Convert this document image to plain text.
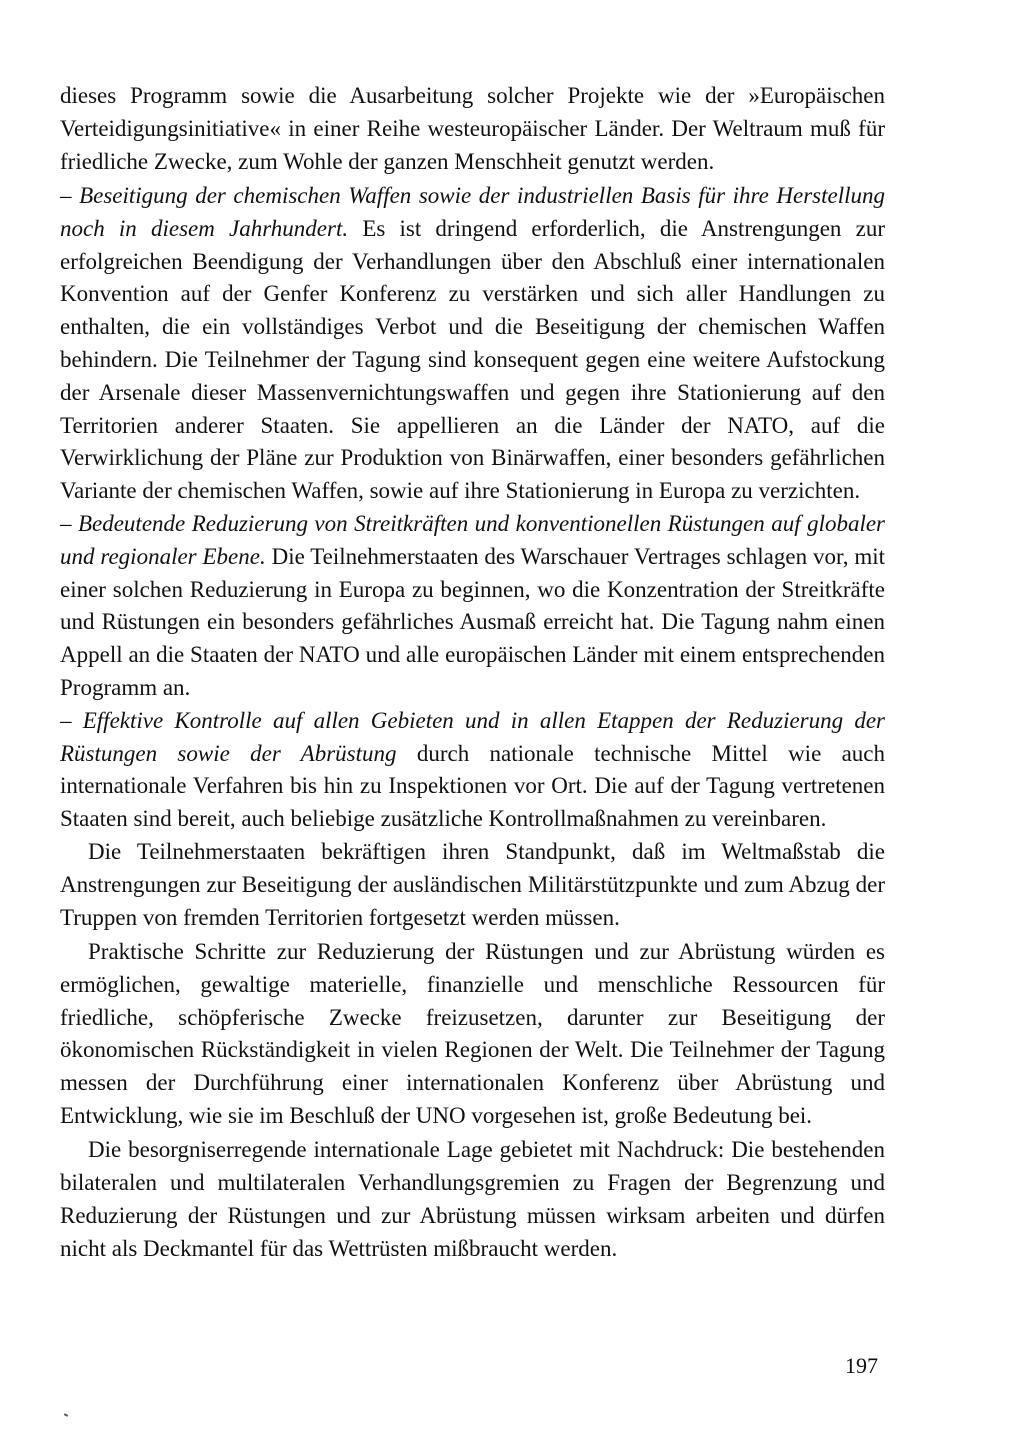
dieses Programm sowie die Ausarbeitung solcher Projekte wie der »Europäischen Verteidigungsinitiative« in einer Reihe westeuropäischer Länder. Der Weltraum muß für friedliche Zwecke, zum Wohle der ganzen Menschheit genutzt werden.

– Beseitigung der chemischen Waffen sowie der industriellen Basis für ihre Herstellung noch in diesem Jahrhundert. Es ist dringend erforderlich, die Anstrengungen zur erfolgreichen Beendigung der Verhandlungen über den Abschluß einer internationalen Konvention auf der Genfer Konferenz zu verstärken und sich aller Handlungen zu enthalten, die ein vollständiges Verbot und die Beseitigung der chemischen Waffen behindern. Die Teilnehmer der Tagung sind konsequent gegen eine weitere Aufstockung der Arsenale dieser Massenvernichtungswaffen und gegen ihre Stationierung auf den Territorien anderer Staaten. Sie appellieren an die Länder der NATO, auf die Verwirklichung der Pläne zur Produktion von Binärwaffen, einer besonders gefährlichen Variante der chemischen Waffen, sowie auf ihre Stationierung in Europa zu verzichten.

– Bedeutende Reduzierung von Streitkräften und konventionellen Rüstungen auf globaler und regionaler Ebene. Die Teilnehmerstaaten des Warschauer Vertrages schlagen vor, mit einer solchen Reduzierung in Europa zu beginnen, wo die Konzentration der Streitkräfte und Rüstungen ein besonders gefährliches Ausmaß erreicht hat. Die Tagung nahm einen Appell an die Staaten der NATO und alle europäischen Länder mit einem entsprechenden Programm an.

– Effektive Kontrolle auf allen Gebieten und in allen Etappen der Reduzierung der Rüstungen sowie der Abrüstung durch nationale technische Mittel wie auch internationale Verfahren bis hin zu Inspektionen vor Ort. Die auf der Tagung vertretenen Staaten sind bereit, auch beliebige zusätzliche Kontrollmaßnahmen zu vereinbaren.

Die Teilnehmerstaaten bekräftigen ihren Standpunkt, daß im Weltmaßstab die Anstrengungen zur Beseitigung der ausländischen Militärstützpunkte und zum Abzug der Truppen von fremden Territorien fortgesetzt werden müssen.

Praktische Schritte zur Reduzierung der Rüstungen und zur Abrüstung würden es ermöglichen, gewaltige materielle, finanzielle und menschliche Ressourcen für friedliche, schöpferische Zwecke freizusetzen, darunter zur Beseitigung der ökonomischen Rückständigkeit in vielen Regionen der Welt. Die Teilnehmer der Tagung messen der Durchführung einer internationalen Konferenz über Abrüstung und Entwicklung, wie sie im Beschluß der UNO vorgesehen ist, große Bedeutung bei.

Die besorgniserregende internationale Lage gebietet mit Nachdruck: Die bestehenden bilateralen und multilateralen Verhandlungsgremien zu Fragen der Begrenzung und Reduzierung der Rüstungen und zur Abrüstung müssen wirksam arbeiten und dürfen nicht als Deckmantel für das Wettrüsten mißbraucht werden.

197
